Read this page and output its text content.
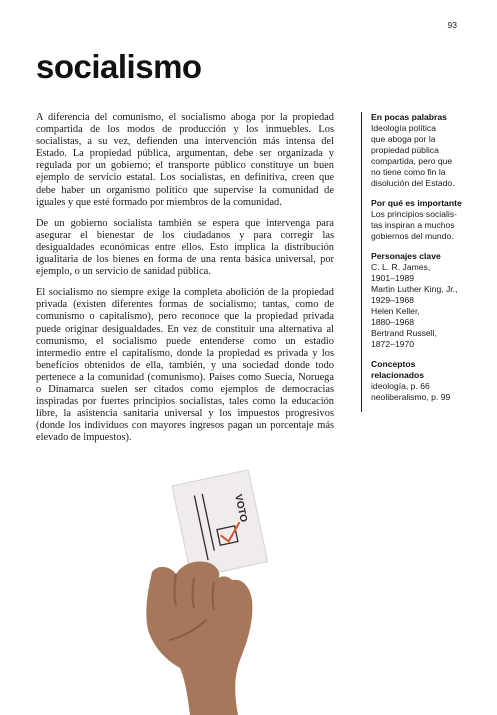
93
socialismo

A diferencia del comunismo, el socialismo aboga por la propiedad compartida de los modos de producción y los inmuebles. Los socialistas, a su vez, defienden una intervención más intensa del Estado. La propiedad pública, argumentan, debe ser organizada y regulada por un gobierno; el transporte público constituye un buen ejemplo de servicio estatal. Los socialistas, en definitiva, creen que debe haber un organismo político que supervise la comunidad de iguales y que esté formado por miembros de la comunidad.

De un gobierno socialista también se espera que intervenga para asegurar el bienestar de los ciudadanos y para corregir las desigualdades económicas entre ellos. Esto implica la distribución igualitaria de los bienes en forma de una renta básica universal, por ejemplo, o un servicio de sanidad pública.

El socialismo no siempre exige la completa abolición de la propiedad privada (existen diferentes formas de socialismo; tantas, como de comunismo o capitalismo), pero reconoce que la propiedad privada puede originar desigualdades. En vez de constituir una alternativa al comunismo, el socialismo puede entenderse como un estadio intermedio entre el capitalismo, donde la propiedad es privada y los beneficios obtenidos de ella, también, y una sociedad donde todo pertenece a la comunidad (comunismo). Países como Suecia, Noruega o Dinamarca suelen ser citados como ejemplos de democracias inspiradas por fuertes principios socialistas, tales como la educación libre, la asistencia sanitaria universal y los impuestos progresivos (donde los individuos con mayores ingresos pagan un porcentaje más elevado de impuestos).

En pocas palabras
Ideología política
que aboga por la
propiedad pública
compartida, pero que
no tiene como fin la
disolución del Estado.
Por qué es importante
Los principios socialis-
tas inspiran a muchos
gobiernos del mundo.
Personajes clave
C. L. R. James,
1901–1989
Martin Luther King, Jr.,
1929–1968
Helen Keller,
1880–1968
Bertrand Russell,
1872–1970
Conceptos
relacionados
ideología, p. 66
neoliberalismo, p. 99
VOTO
